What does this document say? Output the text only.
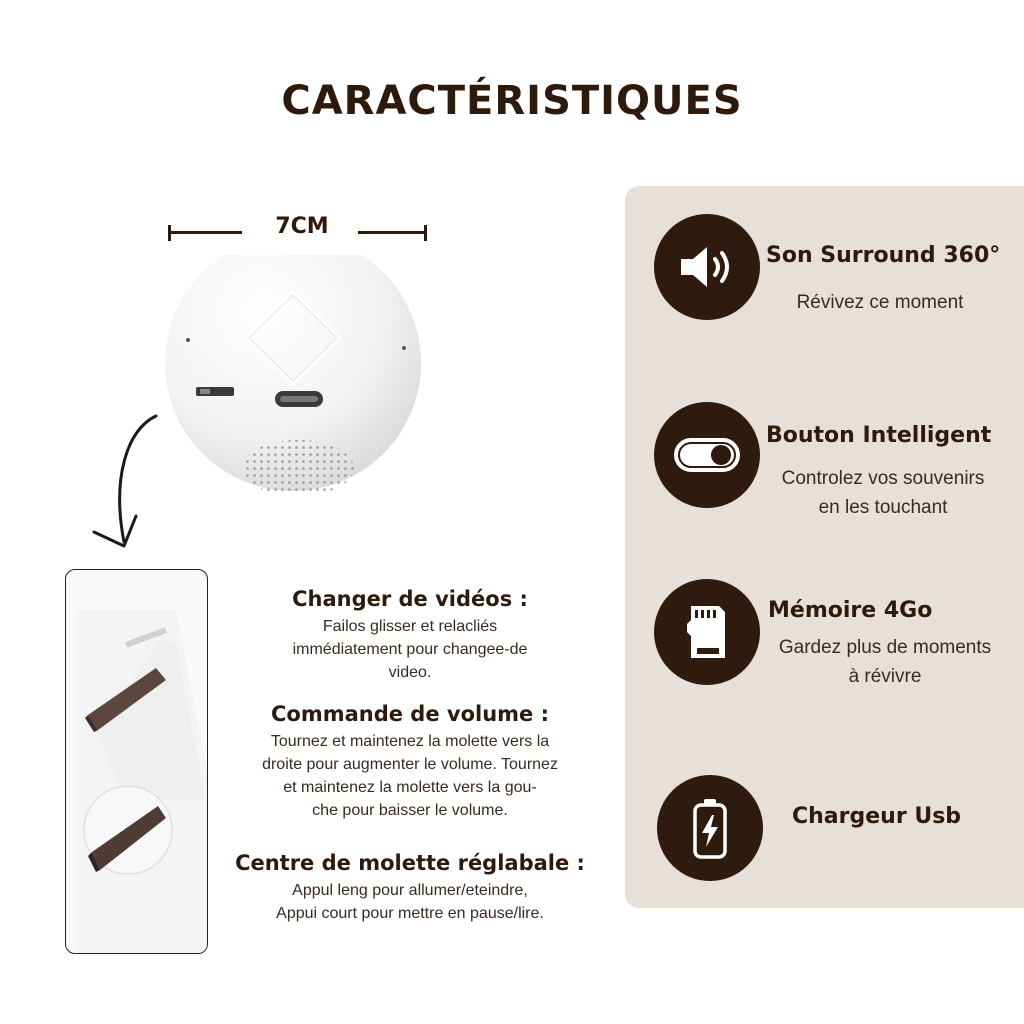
CARACTÉRISTIQUES
7CM
Changer de vidéos :

Failos glisser et relacliés
immédiatement pour changee-de
video.

Commande de volume :

Tournez et maintenez la molette vers la
droite pour augmenter le volume. Tournez
et maintenez la molette vers la gou-
che pour baisser le volume.

Centre de molette réglabale :

Appul leng pour allumer/eteindre,
Appui court pour mettre en pause/lire.

Son Surround 360°
Révivez ce moment
Bouton Intelligent
Controlez vos souvenirs
en les touchant
Mémoire 4Go
Gardez plus de moments
à révivre
Chargeur Usb
